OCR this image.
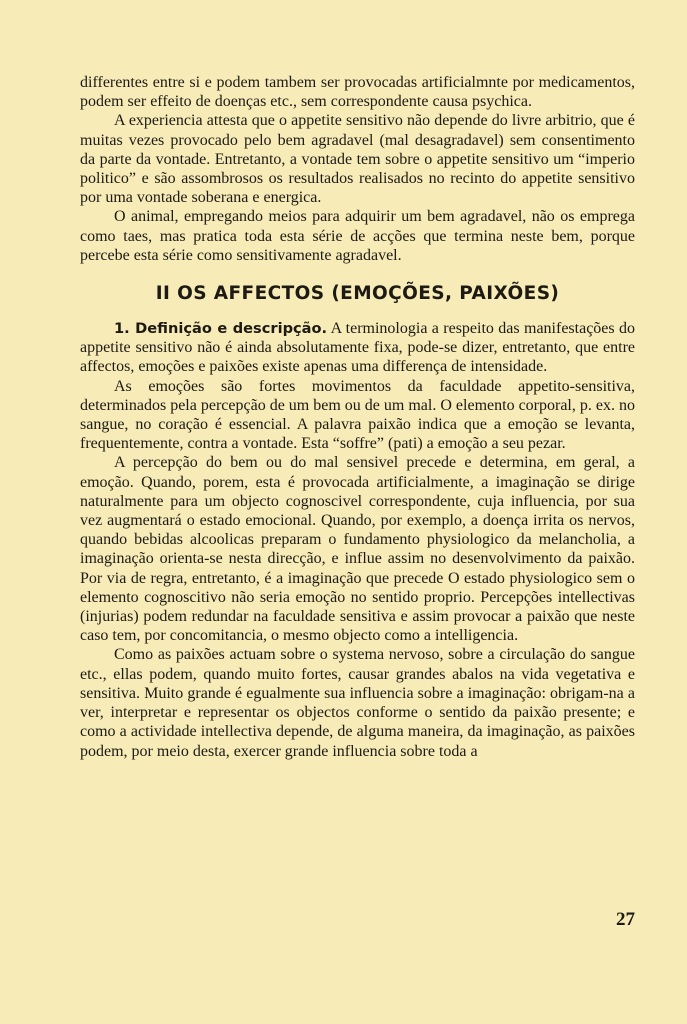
differentes entre si e podem tambem ser provocadas artificialmnte por medicamentos, podem ser effeito de doenças etc., sem correspondente causa psychica.

A experiencia attesta que o appetite sensitivo não depende do livre arbitrio, que é muitas vezes provocado pelo bem agradavel (mal desagradavel) sem consentimento da parte da vontade. Entretanto, a vontade tem sobre o appetite sensitivo um “imperio politico” e são assombrosos os resultados realisados no recinto do appetite sensitivo por uma vontade soberana e energica.

O animal, empregando meios para adquirir um bem agradavel, não os emprega como taes, mas pratica toda esta série de acções que termina neste bem, porque percebe esta série como sensitivamente agradavel.

II OS AFFECTOS (EMOÇÕES, PAIXÕES)

1. Definição e descripção. A terminologia a respeito das manifestações do appetite sensitivo não é ainda absolutamente fixa, pode-se dizer, entretanto, que entre affectos, emoções e paixões existe apenas uma differença de intensidade.

As emoções são fortes movimentos da faculdade appetito-sensitiva, determinados pela percepção de um bem ou de um mal. O elemento corporal, p. ex. no sangue, no coração é essencial. A palavra paixão indica que a emoção se levanta, frequentemente, contra a vontade. Esta “soffre” (pati) a emoção a seu pezar.

A percepção do bem ou do mal sensivel precede e determina, em geral, a emoção. Quando, porem, esta é provocada artificialmente, a imaginação se dirige naturalmente para um objecto cognoscivel correspondente, cuja influencia, por sua vez augmentará o estado emocional. Quando, por exemplo, a doença irrita os nervos, quando bebidas alcoolicas preparam o fundamento physiologico da melancholia, a imaginação orienta-se nesta direcção, e influe assim no desenvolvimento da paixão. Por via de regra, entretanto, é a imaginação que precede O estado physiologico sem o elemento cognoscitivo não seria emoção no sentido proprio. Percepções intellectivas (injurias) podem redundar na faculdade sensitiva e assim provocar a paixão que neste caso tem, por concomitancia, o mesmo objecto como a intelligencia.

Como as paixões actuam sobre o systema nervoso, sobre a circulação do sangue etc., ellas podem, quando muito fortes, causar grandes abalos na vida vegetativa e sensitiva. Muito grande é egualmente sua influencia sobre a imaginação: obrigam-na a ver, interpretar e representar os objectos conforme o sentido da paixão presente; e como a actividade intellectiva depende, de alguma maneira, da imaginação, as paixões podem, por meio desta, exercer grande influencia sobre toda a

27
